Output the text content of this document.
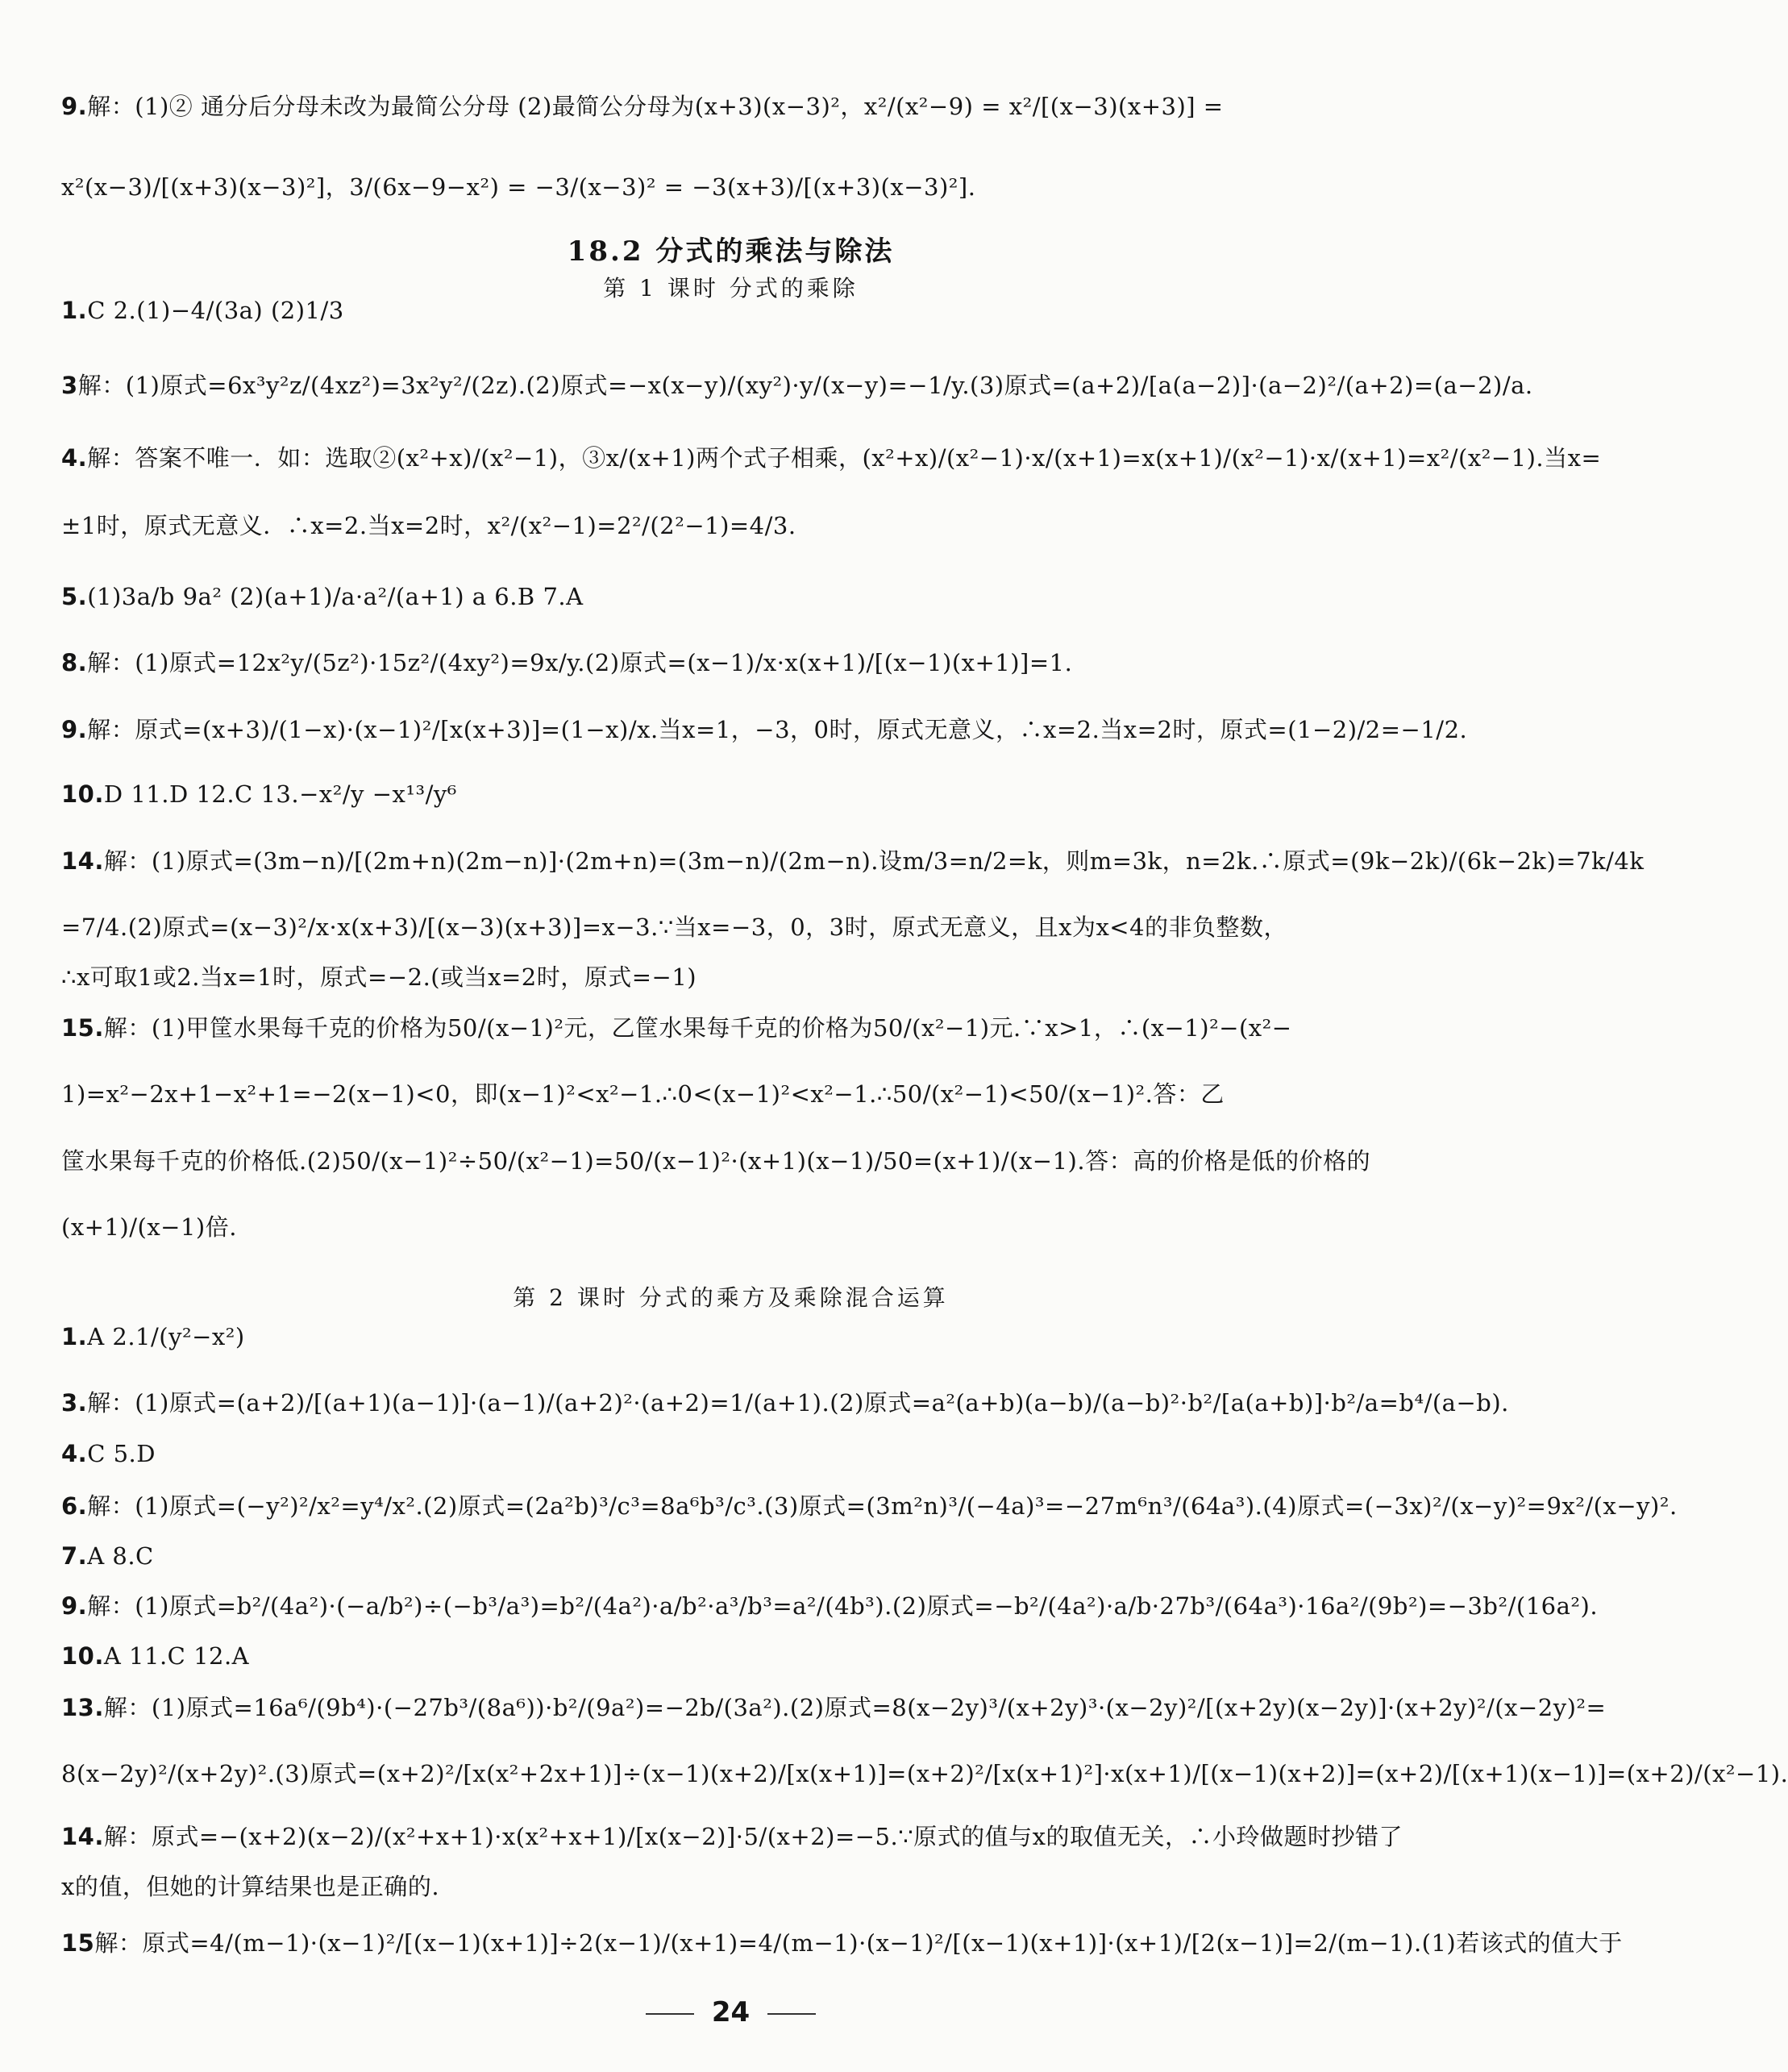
9.解：(1)② 通分后分母未改为最简公分母 (2)最简公分母为(x+3)(x−3)²，x²/(x²−9) = x²/[(x−3)(x+3)] =
x²(x−3)/[(x+3)(x−3)²]，3/(6x−9−x²) = −3/(x−3)² = −3(x+3)/[(x+3)(x−3)²].
1.C 2.(1)−4/(3a) (2)1/3
3解：(1)原式=6x³y²z/(4xz²)=3x²y²/(2z).(2)原式=−x(x−y)/(xy²)·y/(x−y)=−1/y.(3)原式=(a+2)/[a(a−2)]·(a−2)²/(a+2)=(a−2)/a.
4.解：答案不唯一．如：选取②(x²+x)/(x²−1)，③x/(x+1)两个式子相乘，(x²+x)/(x²−1)·x/(x+1)=x(x+1)/(x²−1)·x/(x+1)=x²/(x²−1).当x=
±1时，原式无意义．∴x=2.当x=2时，x²/(x²−1)=2²/(2²−1)=4/3.
5.(1)3a/b 9a² (2)(a+1)/a·a²/(a+1) a 6.B 7.A
8.解：(1)原式=12x²y/(5z²)·15z²/(4xy²)=9x/y.(2)原式=(x−1)/x·x(x+1)/[(x−1)(x+1)]=1.
9.解：原式=(x+3)/(1−x)·(x−1)²/[x(x+3)]=(1−x)/x.当x=1，−3，0时，原式无意义，∴x=2.当x=2时，原式=(1−2)/2=−1/2.
10.D 11.D 12.C 13.−x²/y −x¹³/y⁶
14.解：(1)原式=(3m−n)/[(2m+n)(2m−n)]·(2m+n)=(3m−n)/(2m−n).设m/3=n/2=k，则m=3k，n=2k.∴原式=(9k−2k)/(6k−2k)=7k/4k
=7/4.(2)原式=(x−3)²/x·x(x+3)/[(x−3)(x+3)]=x−3.∵当x=−3，0，3时，原式无意义，且x为x<4的非负整数，
∴x可取1或2.当x=1时，原式=−2.(或当x=2时，原式=−1)
15.解：(1)甲筐水果每千克的价格为50/(x−1)²元，乙筐水果每千克的价格为50/(x²−1)元.∵x>1，∴(x−1)²−(x²−
1)=x²−2x+1−x²+1=−2(x−1)<0，即(x−1)²<x²−1.∴0<(x−1)²<x²−1.∴50/(x²−1)<50/(x−1)².答：乙
筐水果每千克的价格低.(2)50/(x−1)²÷50/(x²−1)=50/(x−1)²·(x+1)(x−1)/50=(x+1)/(x−1).答：高的价格是低的价格的
(x+1)/(x−1)倍.
1.A 2.1/(y²−x²)
3.解：(1)原式=(a+2)/[(a+1)(a−1)]·(a−1)/(a+2)²·(a+2)=1/(a+1).(2)原式=a²(a+b)(a−b)/(a−b)²·b²/[a(a+b)]·b²/a=b⁴/(a−b).
4.C 5.D
6.解：(1)原式=(−y²)²/x²=y⁴/x².(2)原式=(2a²b)³/c³=8a⁶b³/c³.(3)原式=(3m²n)³/(−4a)³=−27m⁶n³/(64a³).(4)原式=(−3x)²/(x−y)²=9x²/(x−y)².
7.A 8.C
9.解：(1)原式=b²/(4a²)·(−a/b²)÷(−b³/a³)=b²/(4a²)·a/b²·a³/b³=a²/(4b³).(2)原式=−b²/(4a²)·a/b·27b³/(64a³)·16a²/(9b²)=−3b²/(16a²).
10.A 11.C 12.A
13.解：(1)原式=16a⁶/(9b⁴)·(−27b³/(8a⁶))·b²/(9a²)=−2b/(3a²).(2)原式=8(x−2y)³/(x+2y)³·(x−2y)²/[(x+2y)(x−2y)]·(x+2y)²/(x−2y)²=
8(x−2y)²/(x+2y)².(3)原式=(x+2)²/[x(x²+2x+1)]÷(x−1)(x+2)/[x(x+1)]=(x+2)²/[x(x+1)²]·x(x+1)/[(x−1)(x+2)]=(x+2)/[(x+1)(x−1)]=(x+2)/(x²−1).
14.解：原式=−(x+2)(x−2)/(x²+x+1)·x(x²+x+1)/[x(x−2)]·5/(x+2)=−5.∵原式的值与x的取值无关，∴小玲做题时抄错了
x的值，但她的计算结果也是正确的.
15解：原式=4/(m−1)·(x−1)²/[(x−1)(x+1)]÷2(x−1)/(x+1)=4/(m−1)·(x−1)²/[(x−1)(x+1)]·(x+1)/[2(x−1)]=2/(m−1).(1)若该式的值大于
18.2 分式的乘法与除法
第 1 课时 分式的乘除
第 2 课时 分式的乘方及乘除混合运算
24
